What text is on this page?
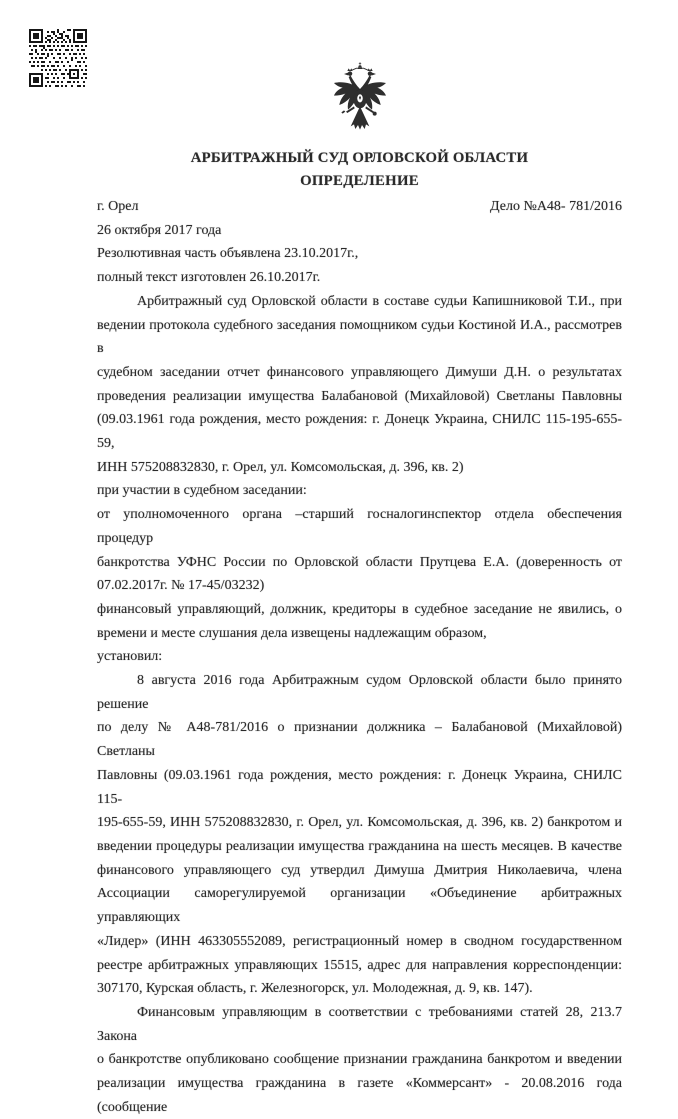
АРБИТРАЖНЫЙ СУД ОРЛОВСКОЙ ОБЛАСТИ
ОПРЕДЕЛЕНИЕ
г. Орел	Дело №А48- 781/2016
26 октября 2017 года
Резолютивная часть объявлена 23.10.2017г.,
полный текст изготовлен 26.10.2017г.
Арбитражный суд Орловской области в составе судьи Капишниковой Т.И., при
ведении протокола судебного заседания помощником судьи Костиной И.А., рассмотрев в
судебном заседании отчет финансового управляющего Димуши Д.Н. о результатах
проведения реализации имущества Балабановой (Михайловой) Светланы Павловны
(09.03.1961 года рождения, место рождения: г. Донецк Украина, СНИЛС 115-195-655-59,
ИНН 575208832830, г. Орел, ул. Комсомольская, д. 396, кв. 2)
при участии в судебном заседании:
от уполномоченного органа –старший госналогинспектор отдела обеспечения процедур
банкротства УФНС России по Орловской области Прутцева Е.А. (доверенность от
07.02.2017г. № 17-45/03232)
финансовый управляющий, должник, кредиторы в судебное заседание не явились, о
времени и месте слушания дела извещены надлежащим образом,
установил:
8 августа 2016 года Арбитражным судом Орловской области было принято решение
по делу № А48-781/2016 о признании должника – Балабановой (Михайловой) Светланы
Павловны (09.03.1961 года рождения, место рождения: г. Донецк Украина, СНИЛС 115-
195-655-59, ИНН 575208832830, г. Орел, ул. Комсомольская, д. 396, кв. 2) банкротом и
введении процедуры реализации имущества гражданина на шесть месяцев. В качестве
финансового управляющего суд утвердил Димуша Дмитрия Николаевича, члена
Ассоциации саморегулируемой организации «Объединение арбитражных управляющих
«Лидер» (ИНН 463305552089, регистрационный номер в сводном государственном
реестре арбитражных управляющих 15515, адрес для направления корреспонденции:
307170, Курская область, г. Железногорск, ул. Молодежная, д. 9, кв. 147).
Финансовым управляющим в соответствии с требованиями статей 28, 213.7 Закона
о банкротстве опубликовано сообщение признании гражданина банкротом и введении
реализации имущества гражданина в газете «Коммерсант» - 20.08.2016 года (сообщение
